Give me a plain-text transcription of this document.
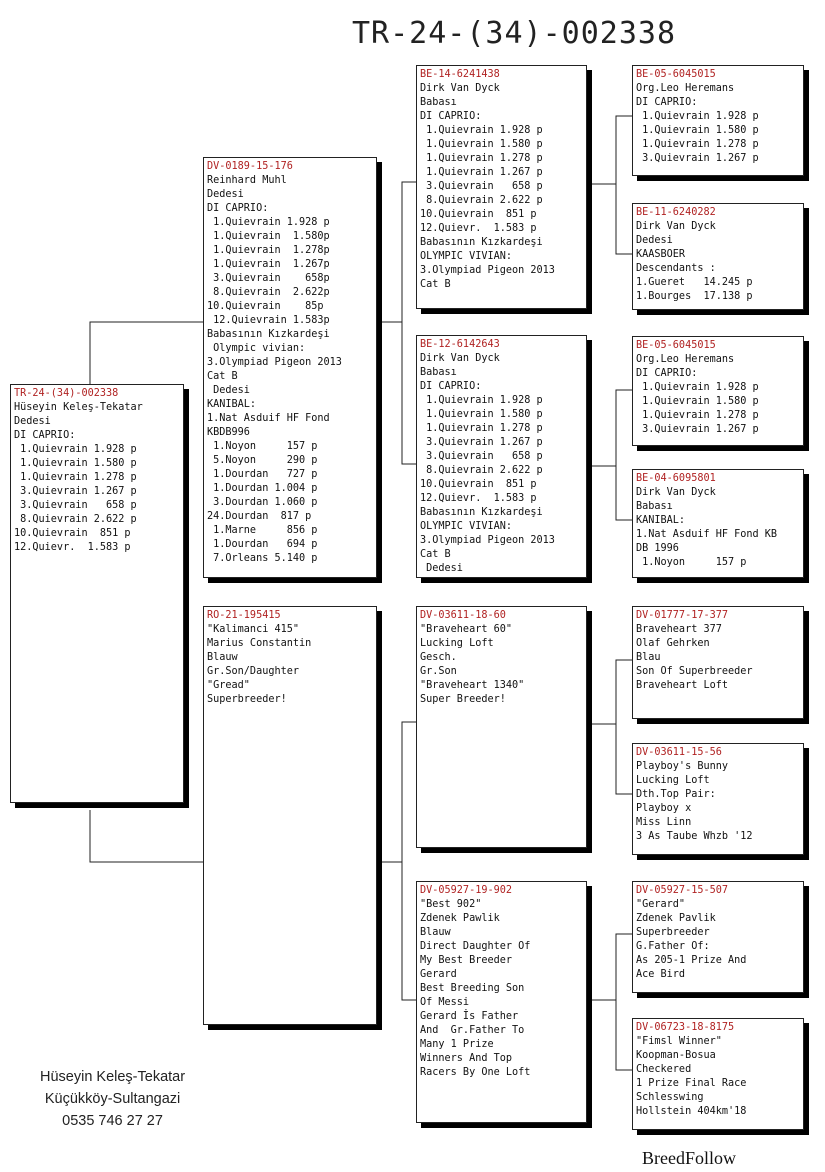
TR-24-(34)-002338
TR-24-(34)-002338
Hüseyin Keleş-Tekatar
Dedesi
DI CAPRIO:
1.Quievrain 1.928 p
1.Quievrain 1.580 p
1.Quievrain 1.278 p
3.Quievrain 1.267 p
3.Quievrain   658 p
8.Quievrain 2.622 p
10.Quievrain  851 p
12.Quievr.  1.583 p
DV-0189-15-176
Reinhard Muhl
Dedesi
DI CAPRIO:
1.Quievrain 1.928 p
1.Quievrain  1.580p
1.Quievrain  1.278p
1.Quievrain  1.267p
3.Quievrain    658p
8.Quievrain  2.622p
10.Quievrain    85p
12.Quievrain 1.583p
Babasının Kızkardeşi
Olympic vivian:
3.Olympiad Pigeon 2013
Cat B
Dedesi
KANIBAL:
1.Nat Asduif HF Fond
KBDB996
1.Noyon     157 p
5.Noyon     290 p
1.Dourdan   727 p
1.Dourdan 1.004 p
3.Dourdan 1.060 p
24.Dourdan  817 p
1.Marne     856 p
1.Dourdan   694 p
7.Orleans 5.140 p
RO-21-195415
"Kalimanci 415"
Marius Constantin
Blauw
Gr.Son/Daughter
"Gread"
Superbreeder!
BE-14-6241438
Dirk Van Dyck
Babası
DI CAPRIO:
1.Quievrain 1.928 p
1.Quievrain 1.580 p
1.Quievrain 1.278 p
1.Quievrain 1.267 p
3.Quievrain   658 p
8.Quievrain 2.622 p
10.Quievrain  851 p
12.Quievr.  1.583 p
Babasının Kızkardeşi
OLYMPIC VIVIAN:
3.Olympiad Pigeon 2013
Cat B
BE-12-6142643
Dirk Van Dyck
Babası
DI CAPRIO:
1.Quievrain 1.928 p
1.Quievrain 1.580 p
1.Quievrain 1.278 p
3.Quievrain 1.267 p
3.Quievrain   658 p
8.Quievrain 2.622 p
10.Quievrain  851 p
12.Quievr.  1.583 p
Babasının Kızkardeşi
OLYMPIC VIVIAN:
3.Olympiad Pigeon 2013
Cat B
Dedesi
DV-03611-18-60
"Braveheart 60"
Lucking Loft
Gesch.
Gr.Son
"Braveheart 1340"
Super Breeder!
DV-05927-19-902
"Best 902"
Zdenek Pawlik
Blauw
Direct Daughter Of
My Best Breeder
Gerard
Best Breeding Son
Of Messi
Gerard İs Father
And  Gr.Father To
Many 1 Prize
Winners And Top
Racers By One Loft
BE-05-6045015
Org.Leo Heremans
DI CAPRIO:
1.Quievrain 1.928 p
1.Quievrain 1.580 p
1.Quievrain 1.278 p
3.Quievrain 1.267 p
BE-11-6240282
Dirk Van Dyck
Dedesi
KAASBOER
Descendants :
1.Gueret   14.245 p
1.Bourges  17.138 p
BE-05-6045015
Org.Leo Heremans
DI CAPRIO:
1.Quievrain 1.928 p
1.Quievrain 1.580 p
1.Quievrain 1.278 p
3.Quievrain 1.267 p
BE-04-6095801
Dirk Van Dyck
Babası
KANIBAL:
1.Nat Asduif HF Fond KB
DB 1996
1.Noyon     157 p
DV-01777-17-377
Braveheart 377
Olaf Gehrken
Blau
Son Of Superbreeder
Braveheart Loft
DV-03611-15-56
Playboy's Bunny
Lucking Loft
Dth.Top Pair:
Playboy x
Miss Linn
3 As Taube Whzb '12
DV-05927-15-507
"Gerard"
Zdenek Pavlik
Superbreeder
G.Father Of:
As 205-1 Prize And
Ace Bird
DV-06723-18-8175
"Fimsl Winner"
Koopman-Bosua
Checkered
1 Prize Final Race
Schlesswing
Hollstein 404km'18
Hüseyin Keleş-Tekatar
Küçükköy-Sultangazi
0535 746 27 27
BreedFollow
